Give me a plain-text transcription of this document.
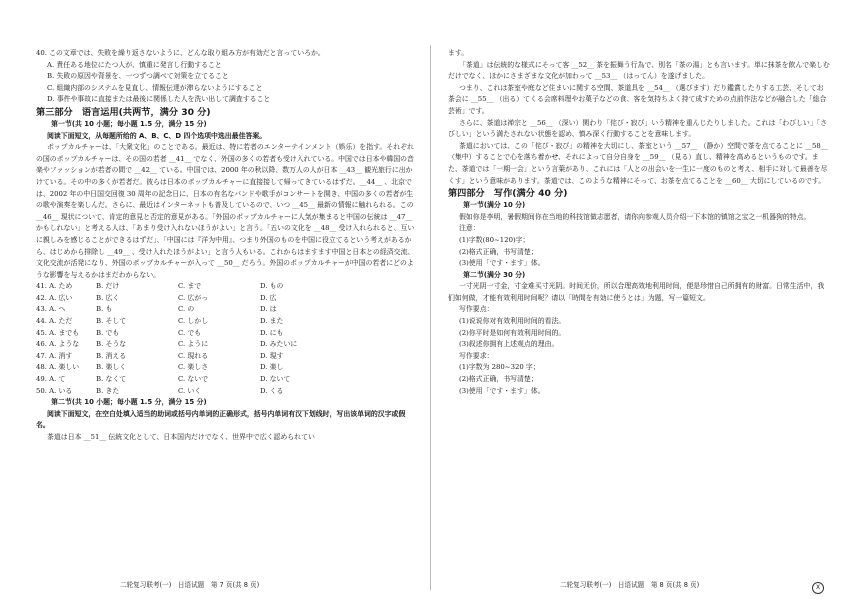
40. この文章では、失敗を繰り返さないように、どんな取り組み方が有効だと言っていろか。

A. 責任ある地位にたつ人が、慎重に発言し行動すること

B. 失敗の原因や背景を、一つずつ調べて対策を立てること

C. 組織内部のシステムを見直し、情報伝達が滞らないようにすること

D. 事件や事故に直接または最後に関係した人を洗い出して調査すること

第三部分　语言运用(共两节，满分 30 分)

第一节(共 10 小题；每小题 1.5 分，满分 15 分)

阅读下面短文，从每题所给的 A、B、C、D 四个选项中选出最佳答案。

ポップカルチャーは、「大衆文化」のことである。最近は、特に若者のエンターテインメント（娯乐）を指す。それぞれの国のポップカルチャーは、その国の若者 __41__ でなく、外国の多くの若者も受け入れている。中国では日本や韓国の音楽やファッションが若者の間で __42__ ている。中国では、2000 年の秋以降、数万人の人が日本 __43__ 観光旅行に出かけている。その中の多くが若者だ。彼らは日本のポップカルチャーに直接接して帰ってきているはずだ。__44__ 、北京では、2002 年の中日国交回復 30 周年の記念日に、日本の有名なバンドや歌手がコンサートを開き、中国の多くの若者が生の歌や演奏を楽しんだ。さらに、最近はインターネットも普及しているので、いつ __45__ 最新の情報に触れられる。この __46__ 現状について、肯定的意見と否定的意見がある。「外国のポップカルチャーに人気が集まると中国の伝統は __47__ かもしれない」と考える人は、「あまり受け入れないほうがよい」と言う。「五いの文化を __48__ 受け入れられると、互いに親しみを感じることができるはずだ」、「中国には『洋为中用』、つまり外国のものを中国に役立てるという考えがあるから、はじめから排除し __49__ 、受け入れたほうがよい」と言う人もいる。これからはますます中国と日本との経済交流、文化交流が活発になり、外国のポップカルチャーが入って __50__ だろう。外国のポップカルチャーが中国の若者にどのような影響を与えるかはまだわからない。

41. A. ため	B. だけ	C. まで	D. もの
42. A. 広い	B. 広く	C. 広がっ	D. 広
43. A. へ	B. も	C. の	D. は
44. A. ただ	B. そして	C. しかし	D. また
45. A. までも	B. でも	C. でも	D. にも
46. A. ような	B. そうな	C. ように	D. みたいに
47. A. 消す	B. 消える	C. 現れる	D. 現す
48. A. 楽しい	B. 楽しく	C. 楽しさ	D. 楽し
49. A. て	B. なくて	C. ないで	D. ないて
50. A. いる	B. きた	C. いく	D. くる

第二节(共 10 小题；每小题 1.5 分，满分 15 分)

阅读下面短文，在空白处填入适当的助词或括号内单词的正确形式，括号内单词有汉下划线时，写出该单词的汉字或假名。

茶道は日本 __51__ 伝統文化として、日本国内だけでなく、世界中で広く認められてい

二轮复习联考(一)　日语试题　第 7 页(共 8 页)

ます。

「茶道」は伝統的な様式にそって客 __52__ 茶を振舞う行為で、別名「茶の湯」とも言います。単に抹茶を飲んで楽しむだけでなく、ほかにさまざまな文化が加わって __53__ （はってん）を遂げました。

つまり、これは茶室や庭など住まいに関する空間、茶道具を __54__ （選びます）だり鑑賞したりする工芸、そしてお茶会に __55__ （出る）てくる会席料理やお菓子などの食、客を気持ちよく持て成すための点前作法などが融合した「総合芸術」です。

さらに、茶道は禅宗と __56__ （深い）関わり「侘び・寂び」いう精神を重んじたりしました。これは「わびしい」「さびしい」という満たされない状態を認め、慎み深く行動することを意味します。

茶道においては、この「侘び・寂び」の精神を大切にし、茶室という __57__ （静か）空間で茶を点てることに __58__ （集中）することで心を落ち着かせ、それによって自分自身を __59__ （見る）直し、精神を高めるというものです。また、茶道では「一期一会」という言葉があり、これには「人との出会いを一生に一度のものと考え、相手に対して最善を尽くす」という意味があります。茶道では、このような精神にそって、お茶を点てることを __60__ 大切にしているのです。

第四部分　写作(满分 40 分)

第一节(满分 10 分)

假如你是李明，暑假期间你在当地的科技馆做志愿者，请你向参观人员介绍一下本馆的镇馆之宝之一机器狗的特点。

注意：

(1)字数(80~120)字；

(2)格式正确，书写清楚；

(3)使用「です・ます」体。

第二节(满分 30 分)

一寸光阴一寸金，寸金难买寸光阴。时间无价，所以合理高效地利用时间，便是珍惜自己所拥有的财富。日常生活中，我们如何做，才能有效利用时间呢？请以「時間を有効に使うとは」为题，写一篇短文。

写作要点：

(1)说说你对有效利用时间的看法。

(2)你平时是如何有效利用时间的。

(3)叙述你拥有上述观点的理由。

写作要求：

(1)字数为 280~320 字；

(2)格式正确，书写清楚；

(3)使用「です・ます」体。

二轮复习联考(一)　日语试题　第 8 页(共 8 页)	X
